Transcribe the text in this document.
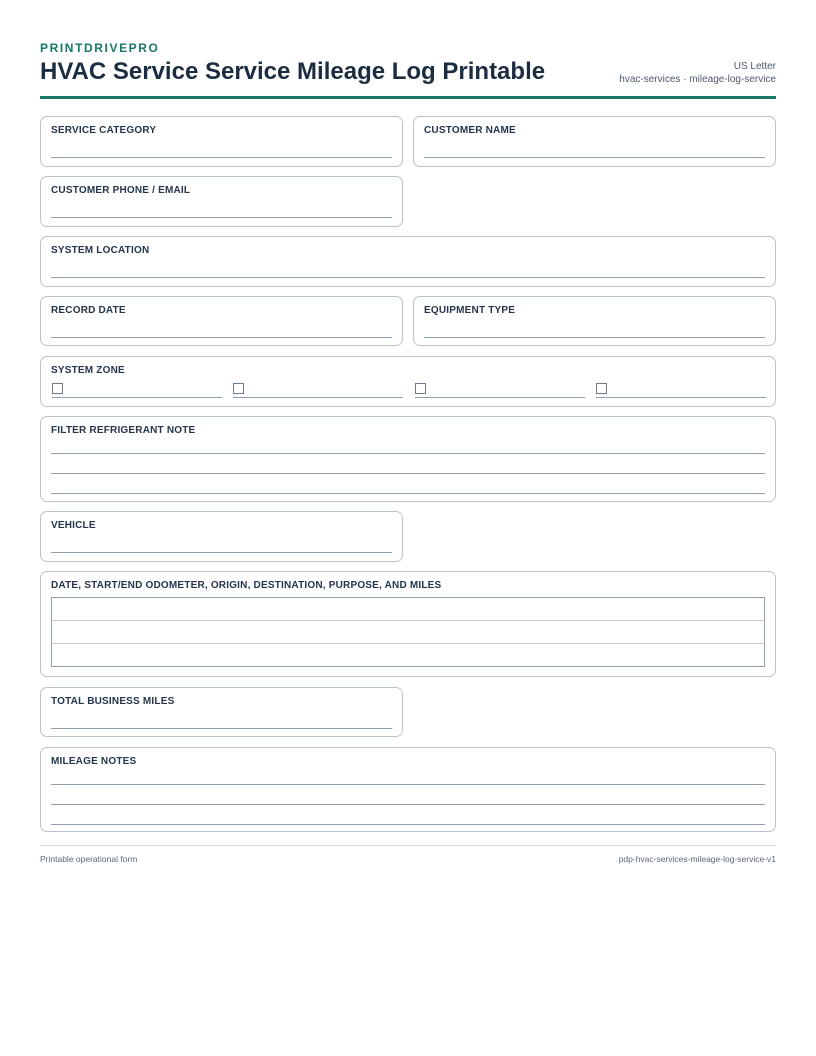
PRINTDRIVEPRO
HVAC Service Service Mileage Log Printable	US Letter
hvac-services · mileage-log-service
SERVICE CATEGORY	CUSTOMER NAME
CUSTOMER PHONE / EMAIL
SYSTEM LOCATION
RECORD DATE	EQUIPMENT TYPE
SYSTEM ZONE
FILTER REFRIGERANT NOTE
VEHICLE
DATE, START/END ODOMETER, ORIGIN, DESTINATION, PURPOSE, AND MILES
TOTAL BUSINESS MILES
MILEAGE NOTES
Printable operational form	pdp-hvac-services-mileage-log-service-v1
